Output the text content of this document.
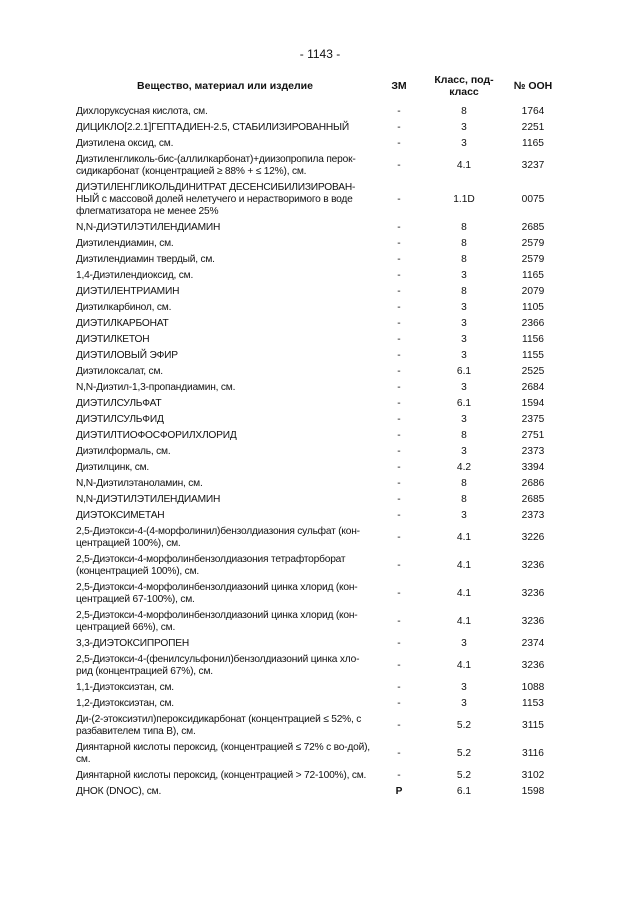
- 1143 -
Вещество, материал или изделие	ЗМ	Класс, под-класс	№ ООН
Дихлоруксусная кислота, см.	-	8	1764
ДИЦИКЛО[2.2.1]ГЕПТАДИЕН-2.5, СТАБИЛИЗИРОВАННЫЙ	-	3	2251
Диэтилена оксид, см.	-	3	1165
Диэтиленгликоль-бис-(аллилкарбонат)+диизопропила перок-сидикарбонат (концентрацией ≥ 88% + ≤ 12%), см.	-	4.1	3237
ДИЭТИЛЕНГЛИКОЛЬДИНИТРАТ ДЕСЕНСИБИЛИЗИРОВАН-НЫЙ с массовой долей нелетучего и нерастворимого в воде флегматизатора не менее 25%	-	1.1D	0075
N,N-ДИЭТИЛЭТИЛЕНДИАМИН	-	8	2685
Диэтилендиамин, см.	-	8	2579
Диэтилендиамин твердый, см.	-	8	2579
1,4-Диэтилендиоксид, см.	-	3	1165
ДИЭТИЛЕНТРИАМИН	-	8	2079
Диэтилкарбинол, см.	-	3	1105
ДИЭТИЛКАРБОНАТ	-	3	2366
ДИЭТИЛКЕТОН	-	3	1156
ДИЭТИЛОВЫЙ ЭФИР	-	3	1155
Диэтилоксалат, см.	-	6.1	2525
N,N-Диэтил-1,3-пропандиамин, см.	-	3	2684
ДИЭТИЛСУЛЬФАТ	-	6.1	1594
ДИЭТИЛСУЛЬФИД	-	3	2375
ДИЭТИЛТИОФОСФОРИЛХЛОРИД	-	8	2751
Диэтилформаль, см.	-	3	2373
Диэтилцинк, см.	-	4.2	3394
N,N-Диэтилэтаноламин, см.	-	8	2686
N,N-ДИЭТИЛЭТИЛЕНДИАМИН	-	8	2685
ДИЭТОКСИМЕТАН	-	3	2373
2,5-Диэтокси-4-(4-морфолинил)бензолдиазония сульфат (кон-центрацией 100%), см.	-	4.1	3226
2,5-Диэтокси-4-морфолинбензолдиазония тетрафторборат (концентрацией 100%), см.	-	4.1	3236
2,5-Диэтокси-4-морфолинбензолдиазоний цинка хлорид (кон-центрацией 67-100%), см.	-	4.1	3236
2,5-Диэтокси-4-морфолинбензолдиазоний цинка хлорид (кон-центрацией 66%), см.	-	4.1	3236
3,3-ДИЭТОКСИПРОПЕН	-	3	2374
2,5-Диэтокси-4-(фенилсульфонил)бензолдиазоний цинка хло-рид (концентрацией 67%), см.	-	4.1	3236
1,1-Диэтоксиэтан, см.	-	3	1088
1,2-Диэтоксиэтан, см.	-	3	1153
Ди-(2-этоксиэтил)пероксидикарбонат (концентрацией ≤ 52%, с разбавителем типа В), см.	-	5.2	3115
Диянтарной кислоты пероксид, (концентрацией ≤ 72% с во-дой), см.	-	5.2	3116
Диянтарной кислоты пероксид, (концентрацией > 72-100%), см.	-	5.2	3102
ДНОК (DNOC), см.	Р	6.1	1598
